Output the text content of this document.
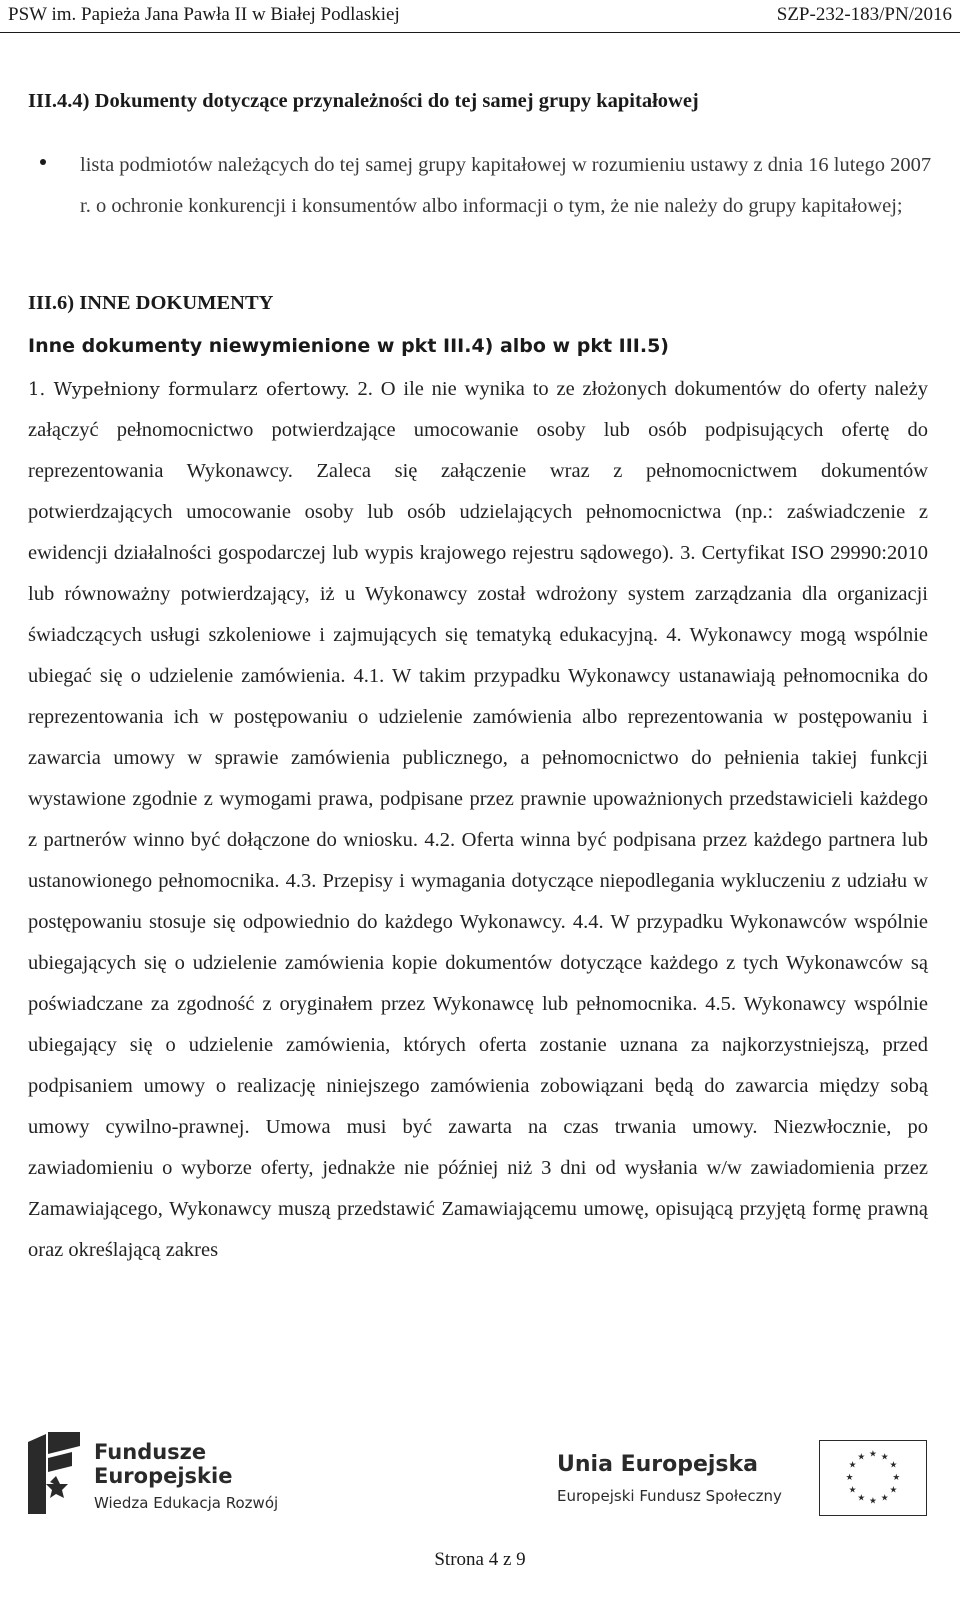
PSW im. Papieża Jana Pawła II w Białej Podlaskiej	SZP-232-183/PN/2016
III.4.4) Dokumenty dotyczące przynależności do tej samej grupy kapitałowej
lista podmiotów należących do tej samej grupy kapitałowej w rozumieniu ustawy z dnia 16 lutego 2007 r. o ochronie konkurencji i konsumentów albo informacji o tym, że nie należy do grupy kapitałowej;
III.6) INNE DOKUMENTY
Inne dokumenty niewymienione w pkt III.4) albo w pkt III.5)
1. Wypełniony formularz ofertowy. 2. O ile nie wynika to ze złożonych dokumentów do oferty należy załączyć pełnomocnictwo potwierdzające umocowanie osoby lub osób podpisujących ofertę do reprezentowania Wykonawcy. Zaleca się załączenie wraz z pełnomocnictwem dokumentów potwierdzających umocowanie osoby lub osób udzielających pełnomocnictwa (np.: zaświadczenie z ewidencji działalności gospodarczej lub wypis krajowego rejestru sądowego). 3. Certyfikat ISO 29990:2010 lub równoważny potwierdzający, iż u Wykonawcy został wdrożony system zarządzania dla organizacji świadczących usługi szkoleniowe i zajmujących się tematyką edukacyjną. 4. Wykonawcy mogą wspólnie ubiegać się o udzielenie zamówienia. 4.1. W takim przypadku Wykonawcy ustanawiają pełnomocnika do reprezentowania ich w postępowaniu o udzielenie zamówienia albo reprezentowania w postępowaniu i zawarcia umowy w sprawie zamówienia publicznego, a pełnomocnictwo do pełnienia takiej funkcji wystawione zgodnie z wymogami prawa, podpisane przez prawnie upoważnionych przedstawicieli każdego z partnerów winno być dołączone do wniosku. 4.2. Oferta winna być podpisana przez każdego partnera lub ustanowionego pełnomocnika. 4.3. Przepisy i wymagania dotyczące niepodlegania wykluczeniu z udziału w postępowaniu stosuje się odpowiednio do każdego Wykonawcy. 4.4. W przypadku Wykonawców wspólnie ubiegających się o udzielenie zamówienia kopie dokumentów dotyczące każdego z tych Wykonawców są poświadczane za zgodność z oryginałem przez Wykonawcę lub pełnomocnika. 4.5. Wykonawcy wspólnie ubiegający się o udzielenie zamówienia, których oferta zostanie uznana za najkorzystniejszą, przed podpisaniem umowy o realizację niniejszego zamówienia zobowiązani będą do zawarcia między sobą umowy cywilno-prawnej. Umowa musi być zawarta na czas trwania umowy. Niezwłocznie, po zawiadomieniu o wyborze oferty, jednakże nie później niż 3 dni od wysłania w/w zawiadomienia przez Zamawiającego, Wykonawcy muszą przedstawić Zamawiającemu umowę, opisującą przyjętą formę prawną oraz określającą zakres
Fundusze
Europejskie
Wiedza Edukacja Rozwój
Unia Europejska
Europejski Fundusz Społeczny
★ ★
★
★
★
★
★
★
★
★
★
★
Strona 4 z 9
